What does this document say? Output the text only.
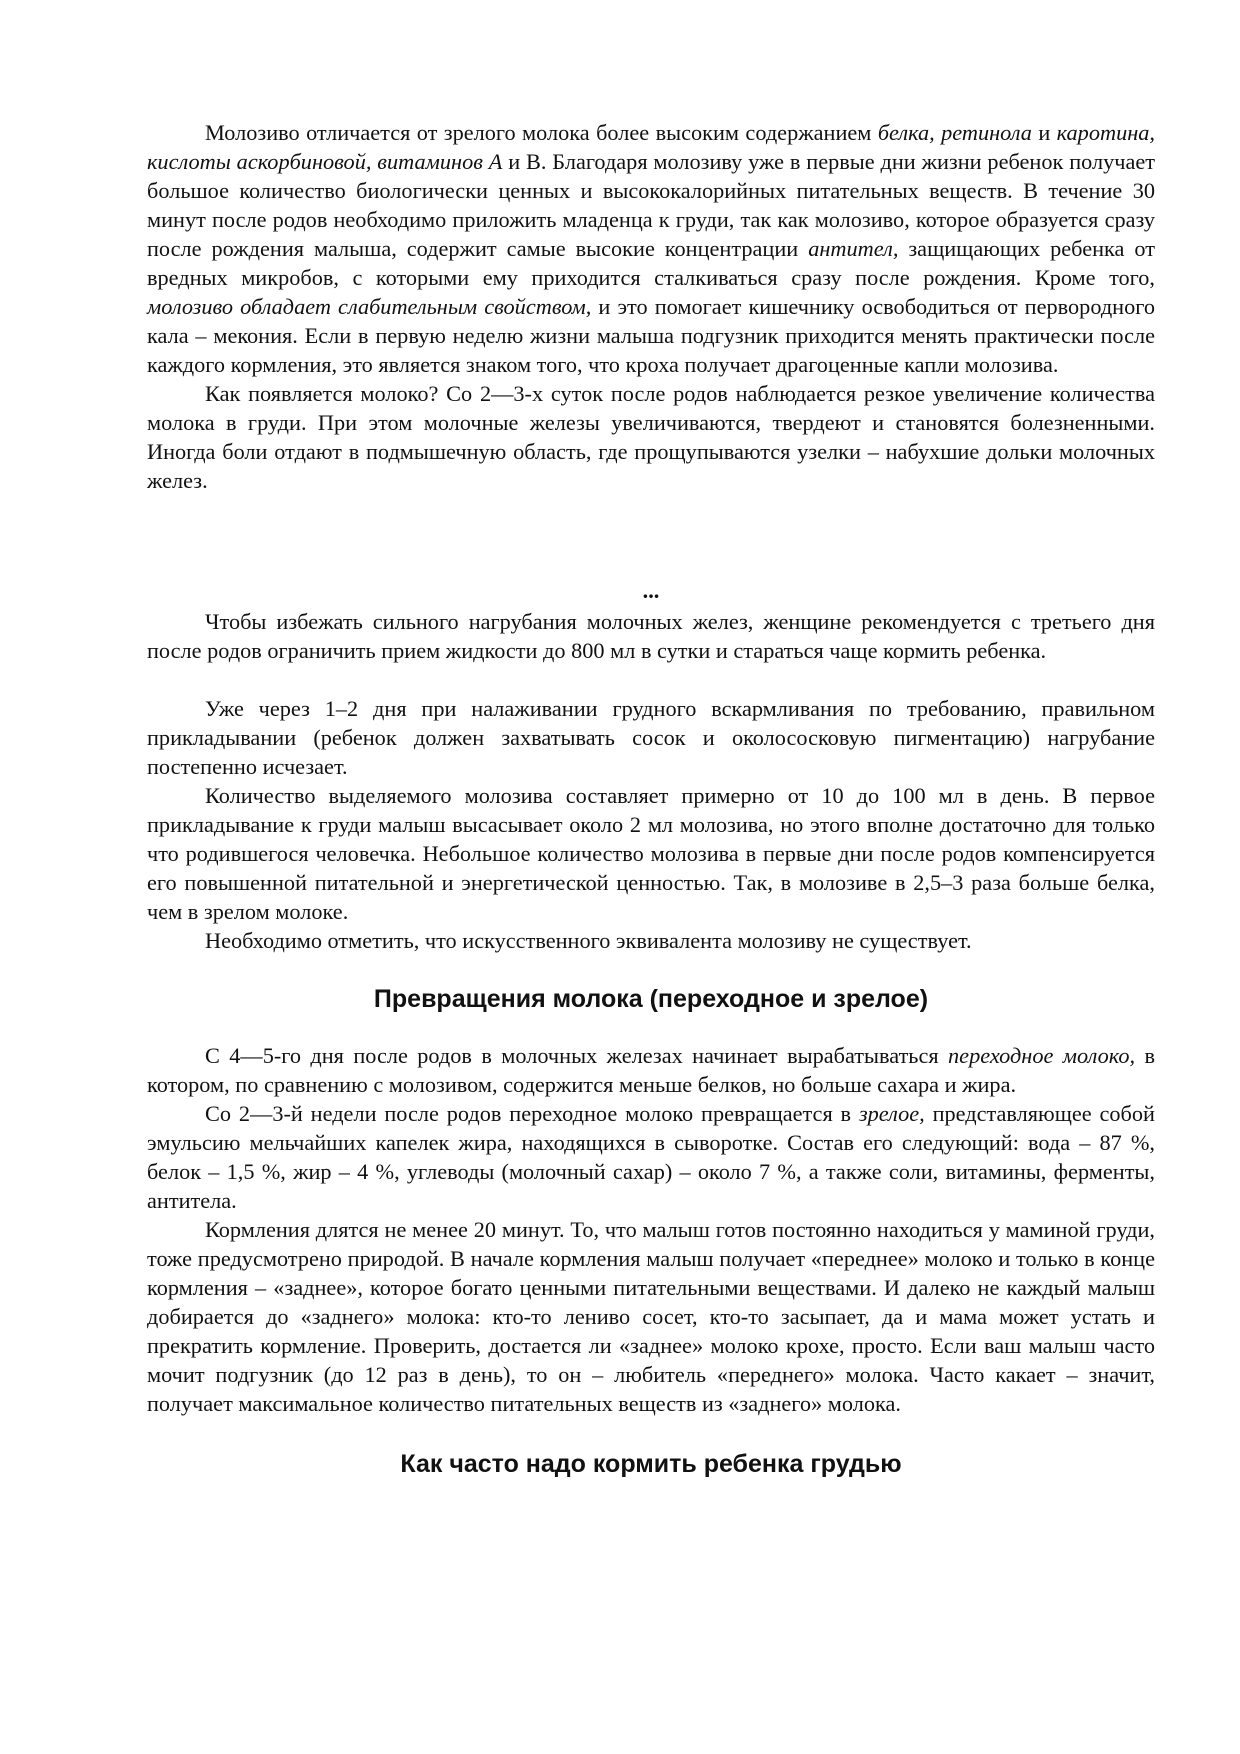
Молозиво отличается от зрелого молока более высоким содержанием белка, ретинола и каротина, кислоты аскорбиновой, витаминов А и В. Благодаря молозиву уже в первые дни жизни ребенок получает большое количество биологически ценных и высококалорийных питательных веществ. В течение 30 минут после родов необходимо приложить младенца к груди, так как молозиво, которое образуется сразу после рождения малыша, содержит самые высокие концентрации антител, защищающих ребенка от вредных микробов, с которыми ему приходится сталкиваться сразу после рождения. Кроме того, молозиво обладает слабительным свойством, и это помогает кишечнику освободиться от первородного кала – мекония. Если в первую неделю жизни малыша подгузник приходится менять практически после каждого кормления, это является знаком того, что кроха получает драгоценные капли молозива.

Как появляется молоко? Со 2—3-х суток после родов наблюдается резкое увеличение количества молока в груди. При этом молочные железы увеличиваются, твердеют и становятся болезненными. Иногда боли отдают в подмышечную область, где прощупываются узелки – набухшие дольки молочных желез.

...

Чтобы избежать сильного нагрубания молочных желез, женщине рекомендуется с третьего дня после родов ограничить прием жидкости до 800 мл в сутки и стараться чаще кормить ребенка.

Уже через 1–2 дня при налаживании грудного вскармливания по требованию, правильном прикладывании (ребенок должен захватывать сосок и околососковую пигментацию) нагрубание постепенно исчезает.

Количество выделяемого молозива составляет примерно от 10 до 100 мл в день. В первое прикладывание к груди малыш высасывает около 2 мл молозива, но этого вполне достаточно для только что родившегося человечка. Небольшое количество молозива в первые дни после родов компенсируется его повышенной питательной и энергетической ценностью. Так, в молозиве в 2,5–3 раза больше белка, чем в зрелом молоке.

Необходимо отметить, что искусственного эквивалента молозиву не существует.

Превращения молока (переходное и зрелое)

С 4—5-го дня после родов в молочных железах начинает вырабатываться переходное молоко, в котором, по сравнению с молозивом, содержится меньше белков, но больше сахара и жира.

Со 2—3-й недели после родов переходное молоко превращается в зрелое, представляющее собой эмульсию мельчайших капелек жира, находящихся в сыворотке. Состав его следующий: вода – 87 %, белок – 1,5 %, жир – 4 %, углеводы (молочный сахар) – около 7 %, а также соли, витамины, ферменты, антитела.

Кормления длятся не менее 20 минут. То, что малыш готов постоянно находиться у маминой груди, тоже предусмотрено природой. В начале кормления малыш получает «переднее» молоко и только в конце кормления – «заднее», которое богато ценными питательными веществами. И далеко не каждый малыш добирается до «заднего» молока: кто-то лениво сосет, кто-то засыпает, да и мама может устать и прекратить кормление. Проверить, достается ли «заднее» молоко крохе, просто. Если ваш малыш часто мочит подгузник (до 12 раз в день), то он – любитель «переднего» молока. Часто какает – значит, получает максимальное количество питательных веществ из «заднего» молока.

Как часто надо кормить ребенка грудью
